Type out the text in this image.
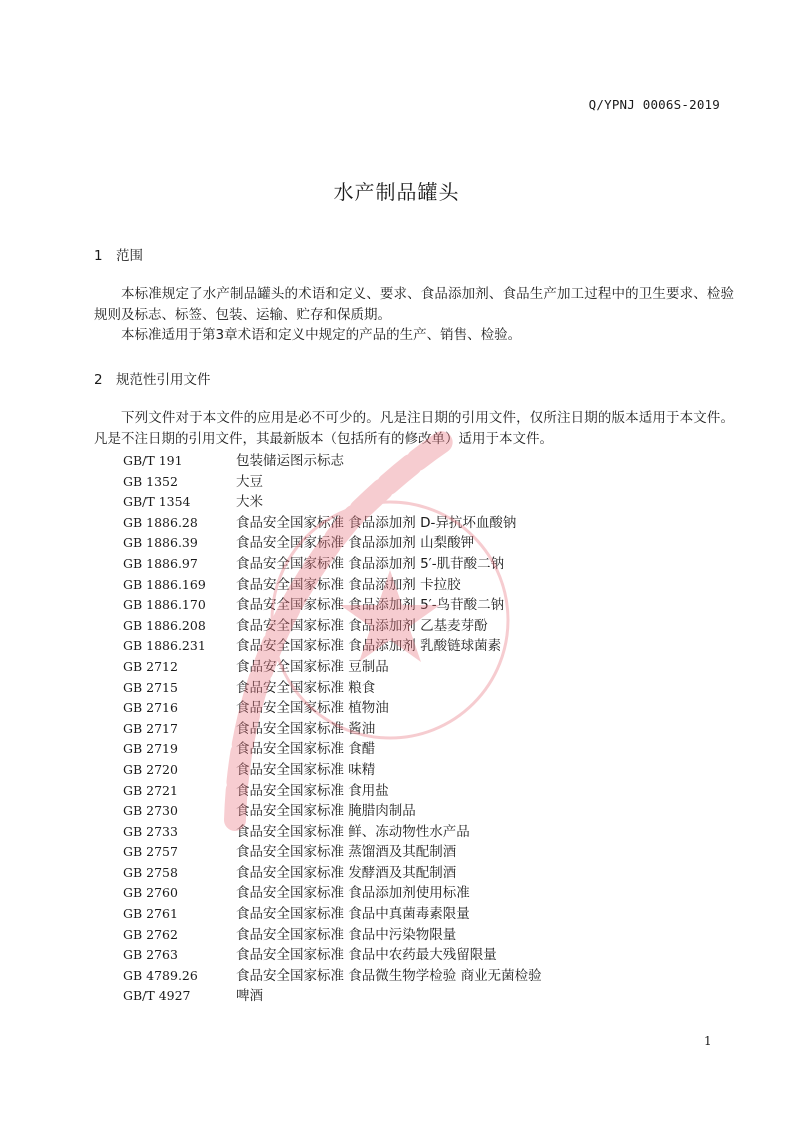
Q/YPNJ 0006S-2019
水产制品罐头
1 范围
本标准规定了水产制品罐头的术语和定义、要求、食品添加剂、食品生产加工过程中的卫生要求、检验规则及标志、标签、包装、运输、贮存和保质期。
本标准适用于第3章术语和定义中规定的产品的生产、销售、检验。
2 规范性引用文件
下列文件对于本文件的应用是必不可少的。凡是注日期的引用文件，仅所注日期的版本适用于本文件。凡是不注日期的引用文件，其最新版本（包括所有的修改单）适用于本文件。
GB/T 191	包装储运图示标志
GB 1352	大豆
GB/T 1354	大米
GB 1886.28	食品安全国家标准 食品添加剂 D-异抗坏血酸钠
GB 1886.39	食品安全国家标准 食品添加剂 山梨酸钾
GB 1886.97	食品安全国家标准 食品添加剂 5′-肌苷酸二钠
GB 1886.169 食品安全国家标准 食品添加剂 卡拉胶
GB 1886.170 食品安全国家标准 食品添加剂 5′-鸟苷酸二钠
GB 1886.208 食品安全国家标准 食品添加剂 乙基麦芽酚
GB 1886.231 食品安全国家标准 食品添加剂 乳酸链球菌素
GB 2712	食品安全国家标准 豆制品
GB 2715	食品安全国家标准 粮食
GB 2716	食品安全国家标准 植物油
GB 2717	食品安全国家标准 酱油
GB 2719	食品安全国家标准 食醋
GB 2720	食品安全国家标准 味精
GB 2721	食品安全国家标准 食用盐
GB 2730	食品安全国家标准 腌腊肉制品
GB 2733	食品安全国家标准 鲜、冻动物性水产品
GB 2757	食品安全国家标准 蒸馏酒及其配制酒
GB 2758	食品安全国家标准 发酵酒及其配制酒
GB 2760	食品安全国家标准 食品添加剂使用标准
GB 2761	食品安全国家标准 食品中真菌毒素限量
GB 2762	食品安全国家标准 食品中污染物限量
GB 2763	食品安全国家标准 食品中农药最大残留限量
GB 4789.26	食品安全国家标准 食品微生物学检验 商业无菌检验
GB/T 4927	啤酒
1
